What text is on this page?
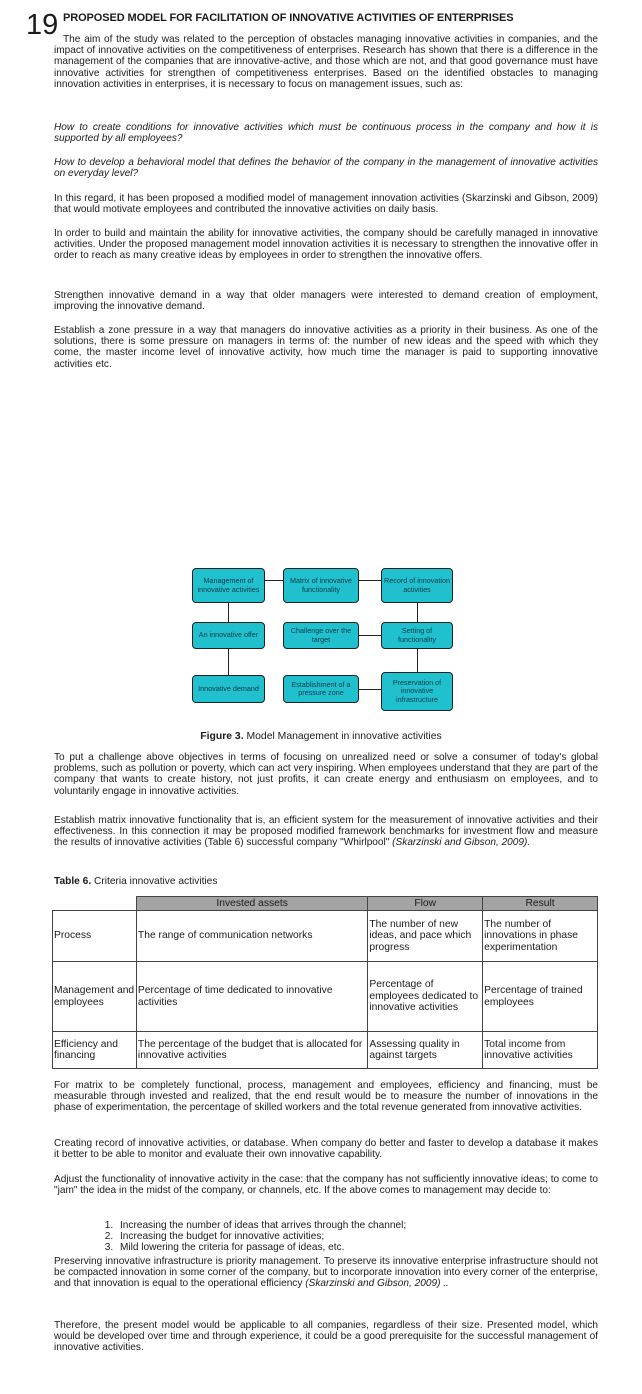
19 PROPOSED MODEL FOR FACILITATION OF INNOVATIVE ACTIVITIES OF ENTERPRISES

The aim of the study was related to the perception of obstacles managing innovative activities in companies, and the impact of innovative activities on the competitiveness of enterprises. Research has shown that there is a difference in the management of the companies that are innovative-active, and those which are not, and that good governance must have innovative activities for strengthen of competitiveness enterprises. Based on the identified obstacles to managing innovation activities in enterprises, it is necessary to focus on management issues, such as:

How to create conditions for innovative activities which must be continuous process in the company and how it is supported by all employees?

How to develop a behavioral model that defines the behavior of the company in the management of innovative activities on everyday level?

In this regard, it has been proposed a modified model of management innovation activities (Skarzinski and Gibson, 2009) that would motivate employees and contributed the innovative activities on daily basis.

In order to build and maintain the ability for innovative activities, the company should be carefully managed in innovative activities. Under the proposed management model innovation activities it is necessary to strengthen the innovative offer in order to reach as many creative ideas by employees in order to strengthen the innovative offers.

Strengthen innovative demand in a way that older managers were interested to demand creation of employment, improving the innovative demand.

Establish a zone pressure in a way that managers do innovative activities as a priority in their business. As one of the solutions, there is some pressure on managers in terms of: the number of new ideas and the speed with which they come, the master income level of innovative activity, how much time the manager is paid to supporting innovative activities etc.

Management of innovative activities
Matrix of innovative functionality
Record of innovation activities
An innovative offer	Challenge over the target
Setting of functionality
Innovative demand	Establishment of a pressure zone
Preservation of innovative infrastructure
Figure 3. Model Management in innovative activities

To put a challenge above objectives in terms of focusing on unrealized need or solve a consumer of today's global problems, such as pollution or poverty, which can act very inspiring. When employees understand that they are part of the company that wants to create history, not just profits, it can create energy and enthusiasm on employees, and to voluntarily engage in innovative activities.

Establish matrix innovative functionality that is, an efficient system for the measurement of innovative activities and their effectiveness. In this connection it may be proposed modified framework benchmarks for investment flow and measure the results of innovative activities (Table 6) successful company "Whirlpool" (Skarzinski and Gibson, 2009).

Table 6. Criteria innovative activities
	Invested assets	Flow	Result
Process	The range of communication networks	The number of new ideas, and pace which progress	The number of innovations in phase experimentation
Management and employees	Percentage of time dedicated to innovative activities	Percentage of employees dedicated to innovative activities	Percentage of trained employees
Efficiency and financing	The percentage of the budget that is allocated for innovative activities	Assessing quality in against targets	Total income from innovative activities

For matrix to be completely functional, process, management and employees, efficiency and financing, must be measurable through invested and realized, that the end result would be to measure the number of innovations in the phase of experimentation, the percentage of skilled workers and the total revenue generated from innovative activities.

Creating record of innovative activities, or database. When company do better and faster to develop a database it makes it better to be able to monitor and evaluate their own innovative capability.

Adjust the functionality of innovative activity in the case: that the company has not sufficiently innovative ideas; to come to "jam" the idea in the midst of the company, or channels, etc. If the above comes to management may decide to:

1. Increasing the number of ideas that arrives through the channel;
2. Increasing the budget for innovative activities;
3. Mild lowering the criteria for passage of ideas, etc.

Preserving innovative infrastructure is priority management. To preserve its innovative enterprise infrastructure should not be compacted innovation in some corner of the company, but to incorporate innovation into every corner of the enterprise, and that innovation is equal to the operational efficiency (Skarzinski and Gibson, 2009) ..

Therefore, the present model would be applicable to all companies, regardless of their size. Presented model, which would be developed over time and through experience, it could be a good prerequisite for the successful management of innovative activities.
